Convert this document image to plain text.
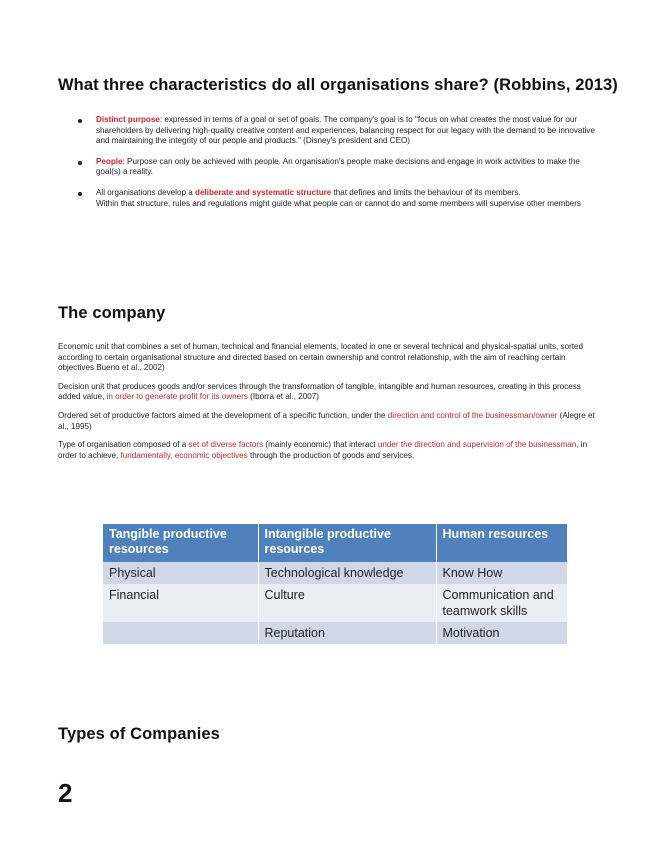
What three characteristics do all organisations share? (Robbins, 2013)
Distinct purpose: expressed in terms of a goal or set of goals. The company's goal is to "focus on what creates the most value for our shareholders by delivering high-quality creative content and experiences, balancing respect for our legacy with the demand to be innovative and maintaining the integrity of our people and products." (Disney's president and CEO)
People: Purpose can only be achieved with people. An organisation's people make decisions and engage in work activities to make the goal(s) a reality.
All organisations develop a deliberate and systematic structure that defines and limits the behaviour of its members.
Within that structure, rules and regulations might guide what people can or cannot do and some members will supervise other members
The company

Economic unit that combines a set of human, technical and financial elements, located in one or several technical and physical-spatial units, sorted according to certain organisational structure and directed based on certain ownership and control relationship, with the aim of reaching certain objectives Bueno et al., 2002)

Decision unit that produces goods and/or services through the transformation of tangible, intangible and human resources, creating in this process added value, in order to generate profit for its owners (Iborra et al., 2007)

Ordered set of productive factors aimed at the development of a specific function, under the direction and control of the businessman/owner (Alegre et al., 1995)

Type of organisation composed of a set of diverse factors (mainly economic) that interact under the direction and supervision of the businessman, in order to achieve, fundamentally, economic objectives through the production of goods and services.

Tangible productive resources	Intangible productive resources	Human resources
Physical	Technological knowledge	Know How
Financial	Culture	Communication and teamwork skills
	Reputation	Motivation
Types of Companies
2
